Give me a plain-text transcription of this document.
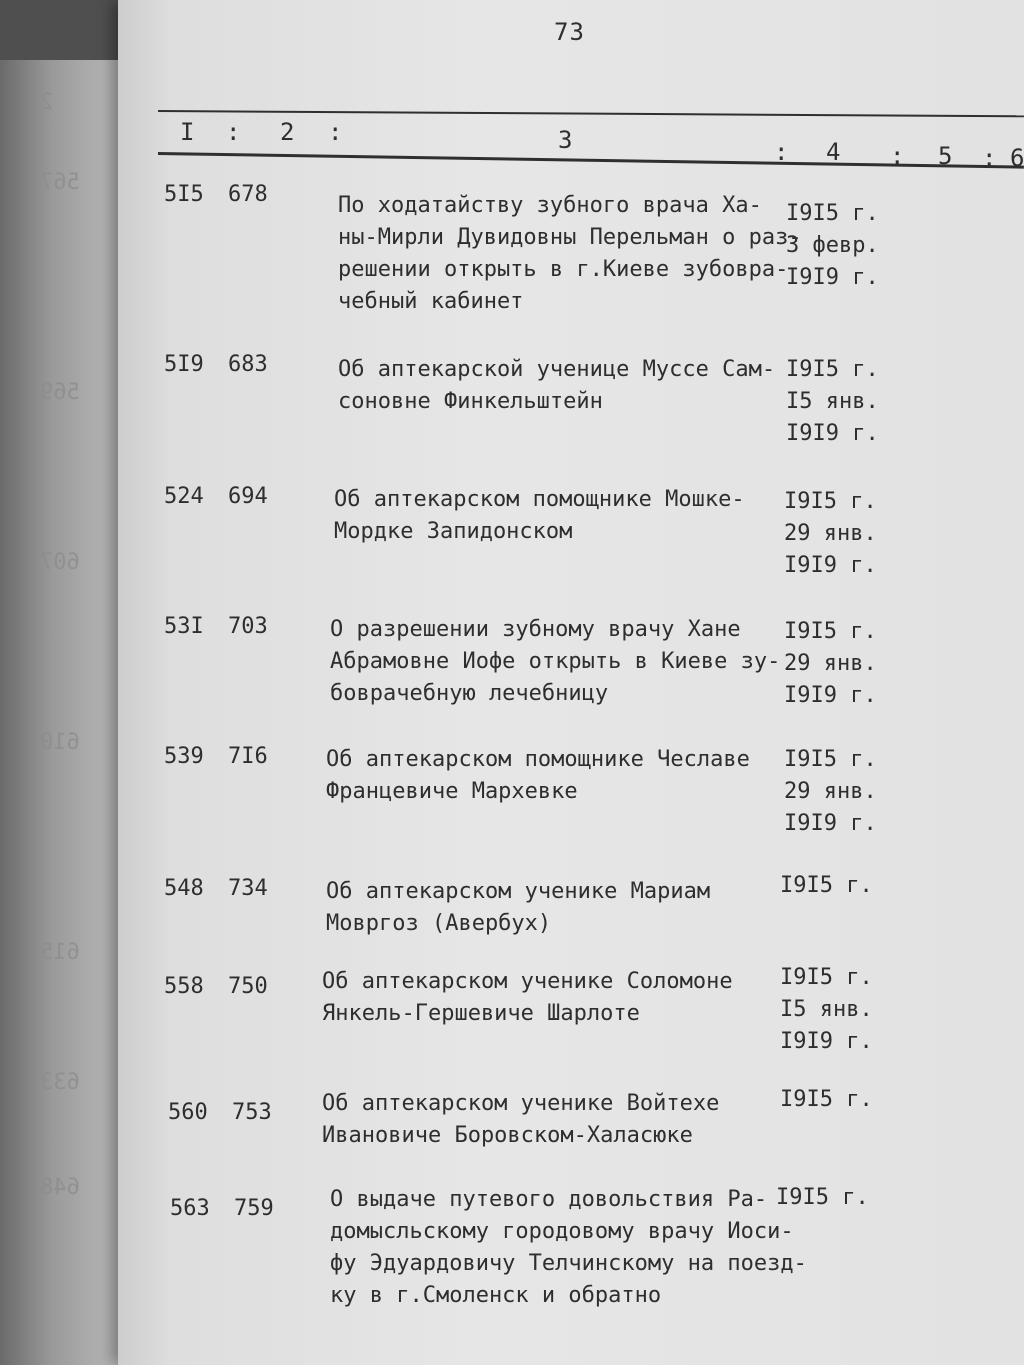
2
567
569
607
610
615
633
648
73
I : 2 :	3	: 4 : 5 : 6
5I5 678	По ходатайству зубного врача Ха-
ны-Мирли Дувидовны Перельман о раз-
решении открыть в г.Киеве зубовра-
чебный кабинет
I9I5 г.
3 февр.
I9I9 г.
5I9 683	Об аптекарской ученице Муссе Сам-
соновне Финкельштейн
I9I5 г.
I5 янв.
I9I9 г.
524 694	Об аптекарском помощнике Мошке-
Мордке Запидонском
I9I5 г.
29 янв.
I9I9 г.
53I 703	О разрешении зубному врачу Хане
Абрамовне Иофе открыть в Киеве зу-
боврачебную лечебницу
I9I5 г.
29 янв.
I9I9 г.
539 7I6	Об аптекарском помощнике Чеславе
Францевиче Мархевке
I9I5 г.
29 янв.
I9I9 г.
548 734	Об аптекарском ученике Мариам
Мовргоз (Авербух)
I9I5 г.
558 750 Об аптекарском ученике Соломоне
Янкель-Гершевиче Шарлоте
I9I5 г.
I5 янв.
I9I9 г.
560 753 Об аптекарском ученике Войтехе
Ивановиче Боровском-Халасюке
I9I5 г.
563 759	О выдаче путевого довольствия Ра-
домысльскому городовому врачу Иоси-
фу Эдуардовичу Телчинскому на поезд-
ку в г.Смоленск и обратно
I9I5 г.
